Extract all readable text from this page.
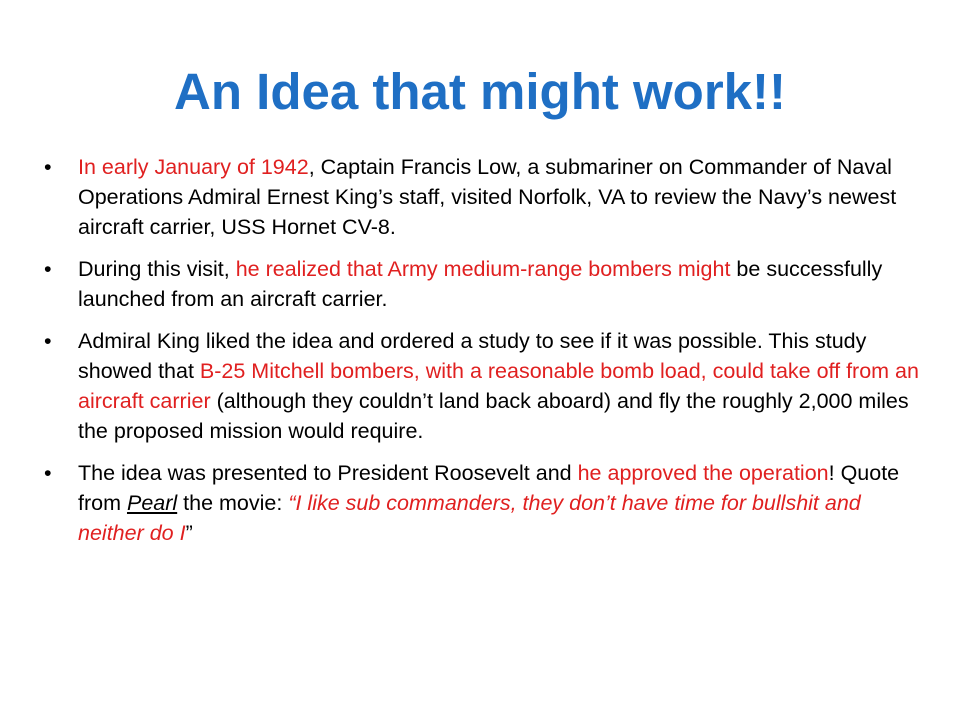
An Idea that might work!!
• In early January of 1942, Captain Francis Low, a submariner on Commander of Naval Operations Admiral Ernest King’s staff, visited Norfolk, VA to review the Navy’s newest aircraft carrier, USS Hornet CV-8.
• During this visit, he realized that Army medium-range bombers might be successfully launched from an aircraft carrier.
• Admiral King liked the idea and ordered a study to see if it was possible. This study showed that B-25 Mitchell bombers, with a reasonable bomb load, could take off from an aircraft carrier (although they couldn’t land back aboard) and fly the roughly 2,000 miles the proposed mission would require.
• The idea was presented to President Roosevelt and he approved the operation! Quote from Pearl the movie: “I like sub commanders, they don’t have time for bullshit and neither do I”
